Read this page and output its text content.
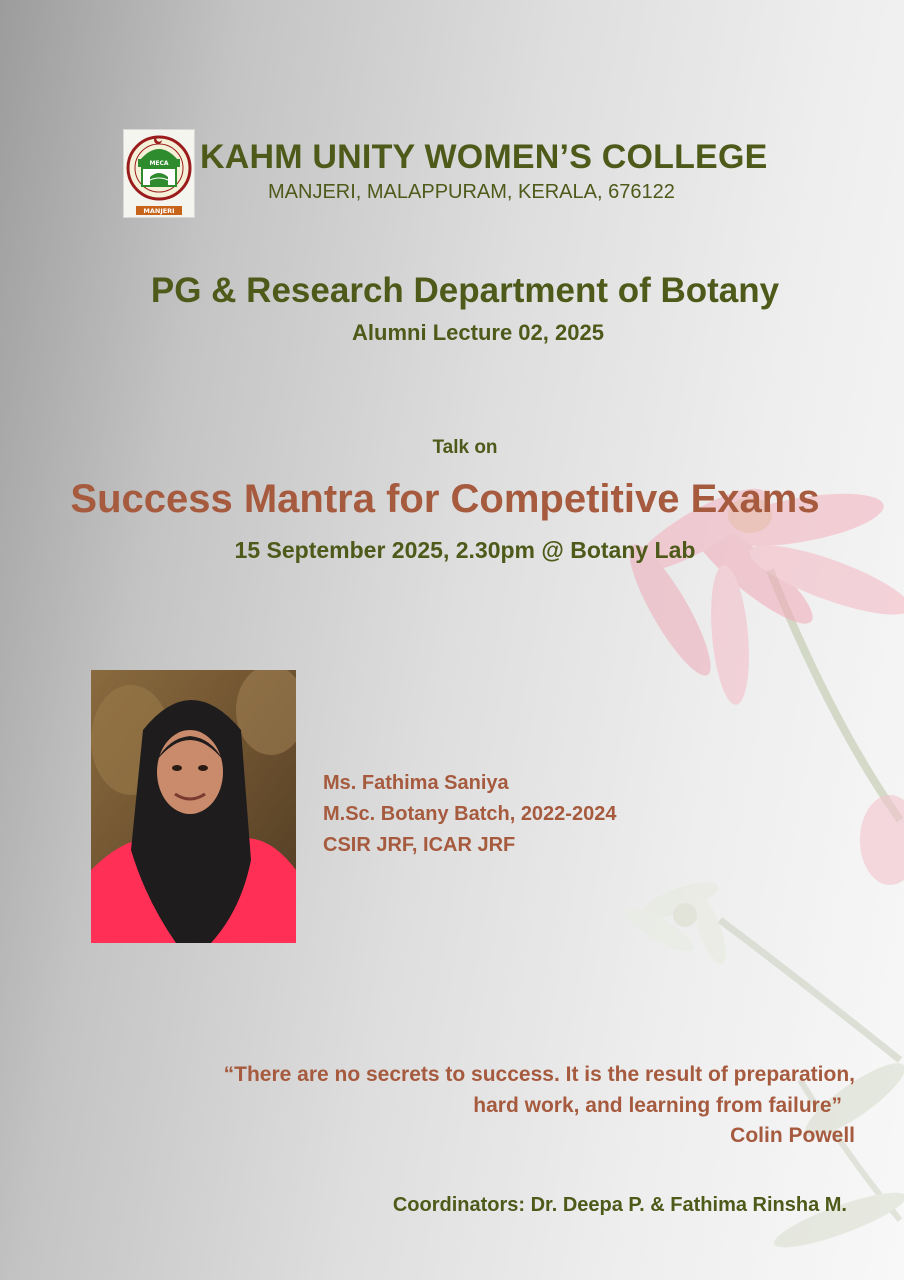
MECA
MANJERI
KAHM UNITY WOMEN’S COLLEGE
MANJERI, MALAPPURAM, KERALA, 676122
PG & Research Department of Botany
Alumni Lecture 02, 2025
Talk on
Success Mantra for Competitive Exams
15 September 2025, 2.30pm @ Botany Lab
Ms. Fathima Saniya
M.Sc. Botany Batch, 2022-2024
CSIR JRF, ICAR JRF
“There are no secrets to success. It is the result of preparation,
hard work, and learning from failure”
Colin Powell
Coordinators: Dr. Deepa P. & Fathima Rinsha M.
